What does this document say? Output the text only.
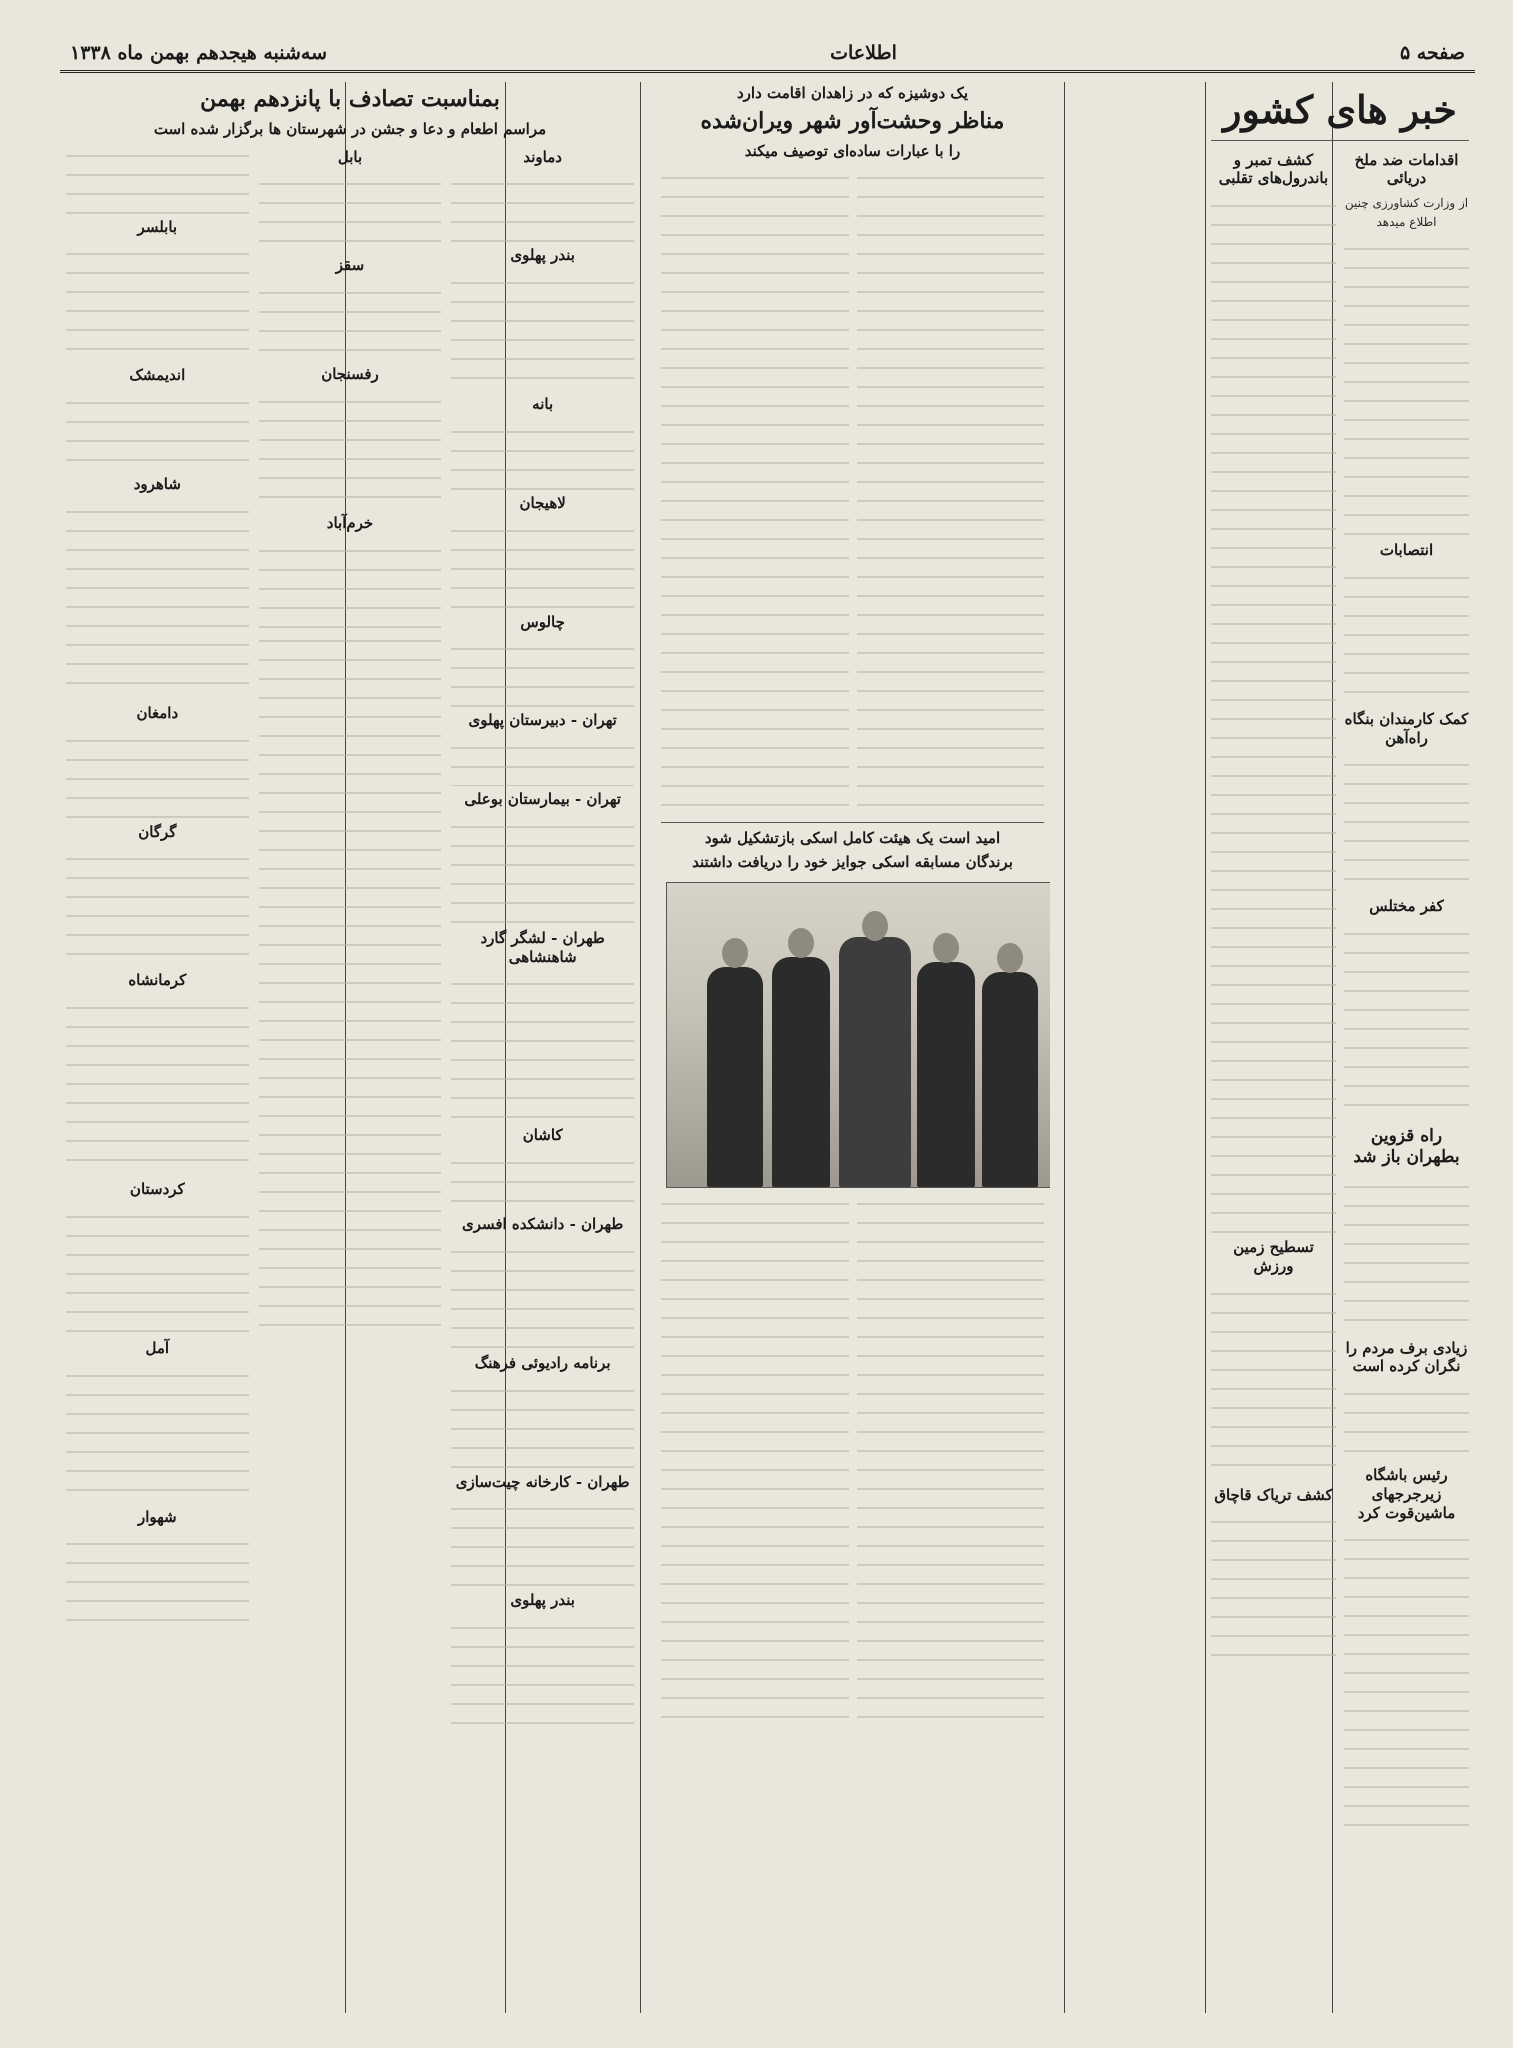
صفحه ۵
اطلاعات
سه‌شنبه هیجدهم بهمن ماه ۱۳۳۸
خبر های کشور
اقدامات ضد ملخ دریائی
از وزارت کشاورزی چنین اطلاع میدهد
انتصابات
کمک کارمندان بنگاه راه‌آهن
کفر مختلس
راه قزوین بطهران باز شد
زیادی برف مردم را نگران کرده است
رئیس باشگاه زیرجرجهای ماشین‌قوت کرد
کشف تمبر و باندرول‌های تقلبی
تسطیح زمین ورزش
کشف تریاک قاچاق
یک دوشیزه که در زاهدان اقامت دارد
مناظر وحشت‌آور شهر ویران‌شده
را با عبارات ساده‌ای توصیف میکند
امید است یک هیئت کامل اسکی بازتشکیل شود
برندگان مسابقه اسکی جوایز خود را دریافت داشتند
بمناسبت تصادف با پانزدهم بهمن
مراسم اطعام و دعا و جشن در شهرستان ها برگزار شده است
دماوند
بندر پهلوی
بانه
لاهیجان
چالوس
تهران - دبیرستان پهلوی
تهران - بیمارستان بوعلی
طهران - لشگر گارد شاهنشاهی
کاشان
طهران - دانشکده افسری
برنامه رادیوئی فرهنگ
طهران - کارخانه چیت‌سازی
بندر پهلوی
بابل
سقز
رفسنجان
خرم‌آباد
بابلسر
اندیمشک
شاهرود
دامغان
گرگان
کرمانشاه
کردستان
آمل
شهوار
